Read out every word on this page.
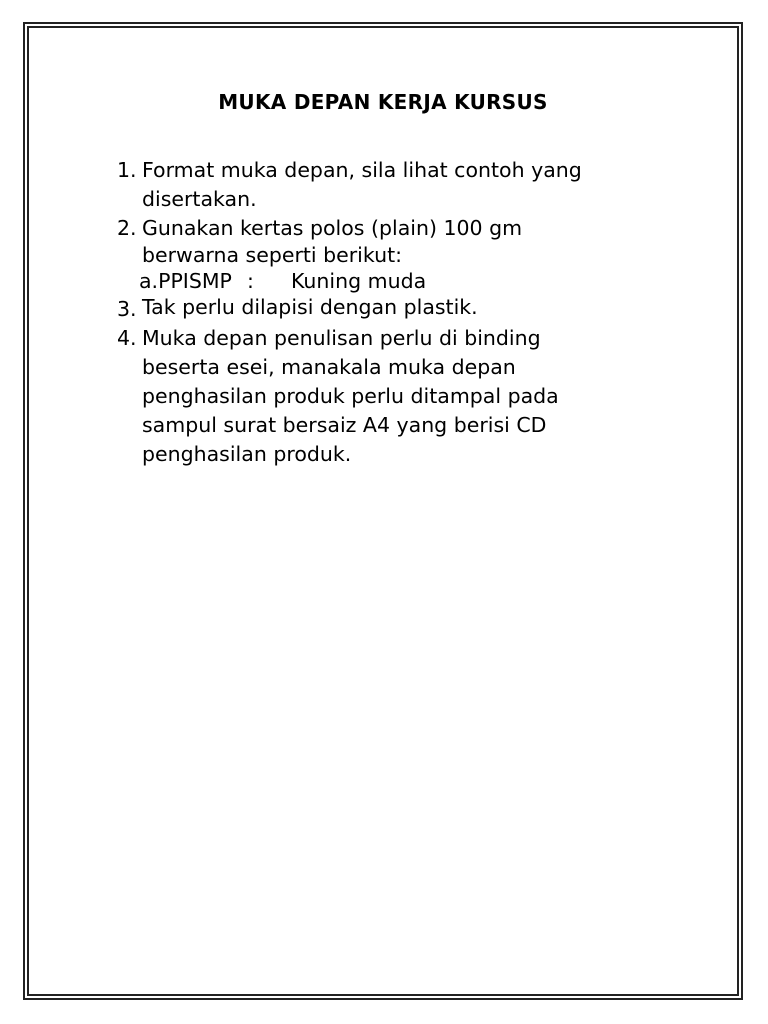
MUKA DEPAN KERJA KURSUS
1. Format muka depan, sila lihat contoh yang
disertakan.
2. Gunakan kertas polos (plain) 100 gm
berwarna seperti berikut:
a.PPISMP :	Kuning muda
3. Tak perlu dilapisi dengan plastik.
4. Muka depan penulisan perlu di binding
beserta esei, manakala muka depan
penghasilan produk perlu ditampal pada
sampul surat bersaiz A4 yang berisi CD
penghasilan produk.
